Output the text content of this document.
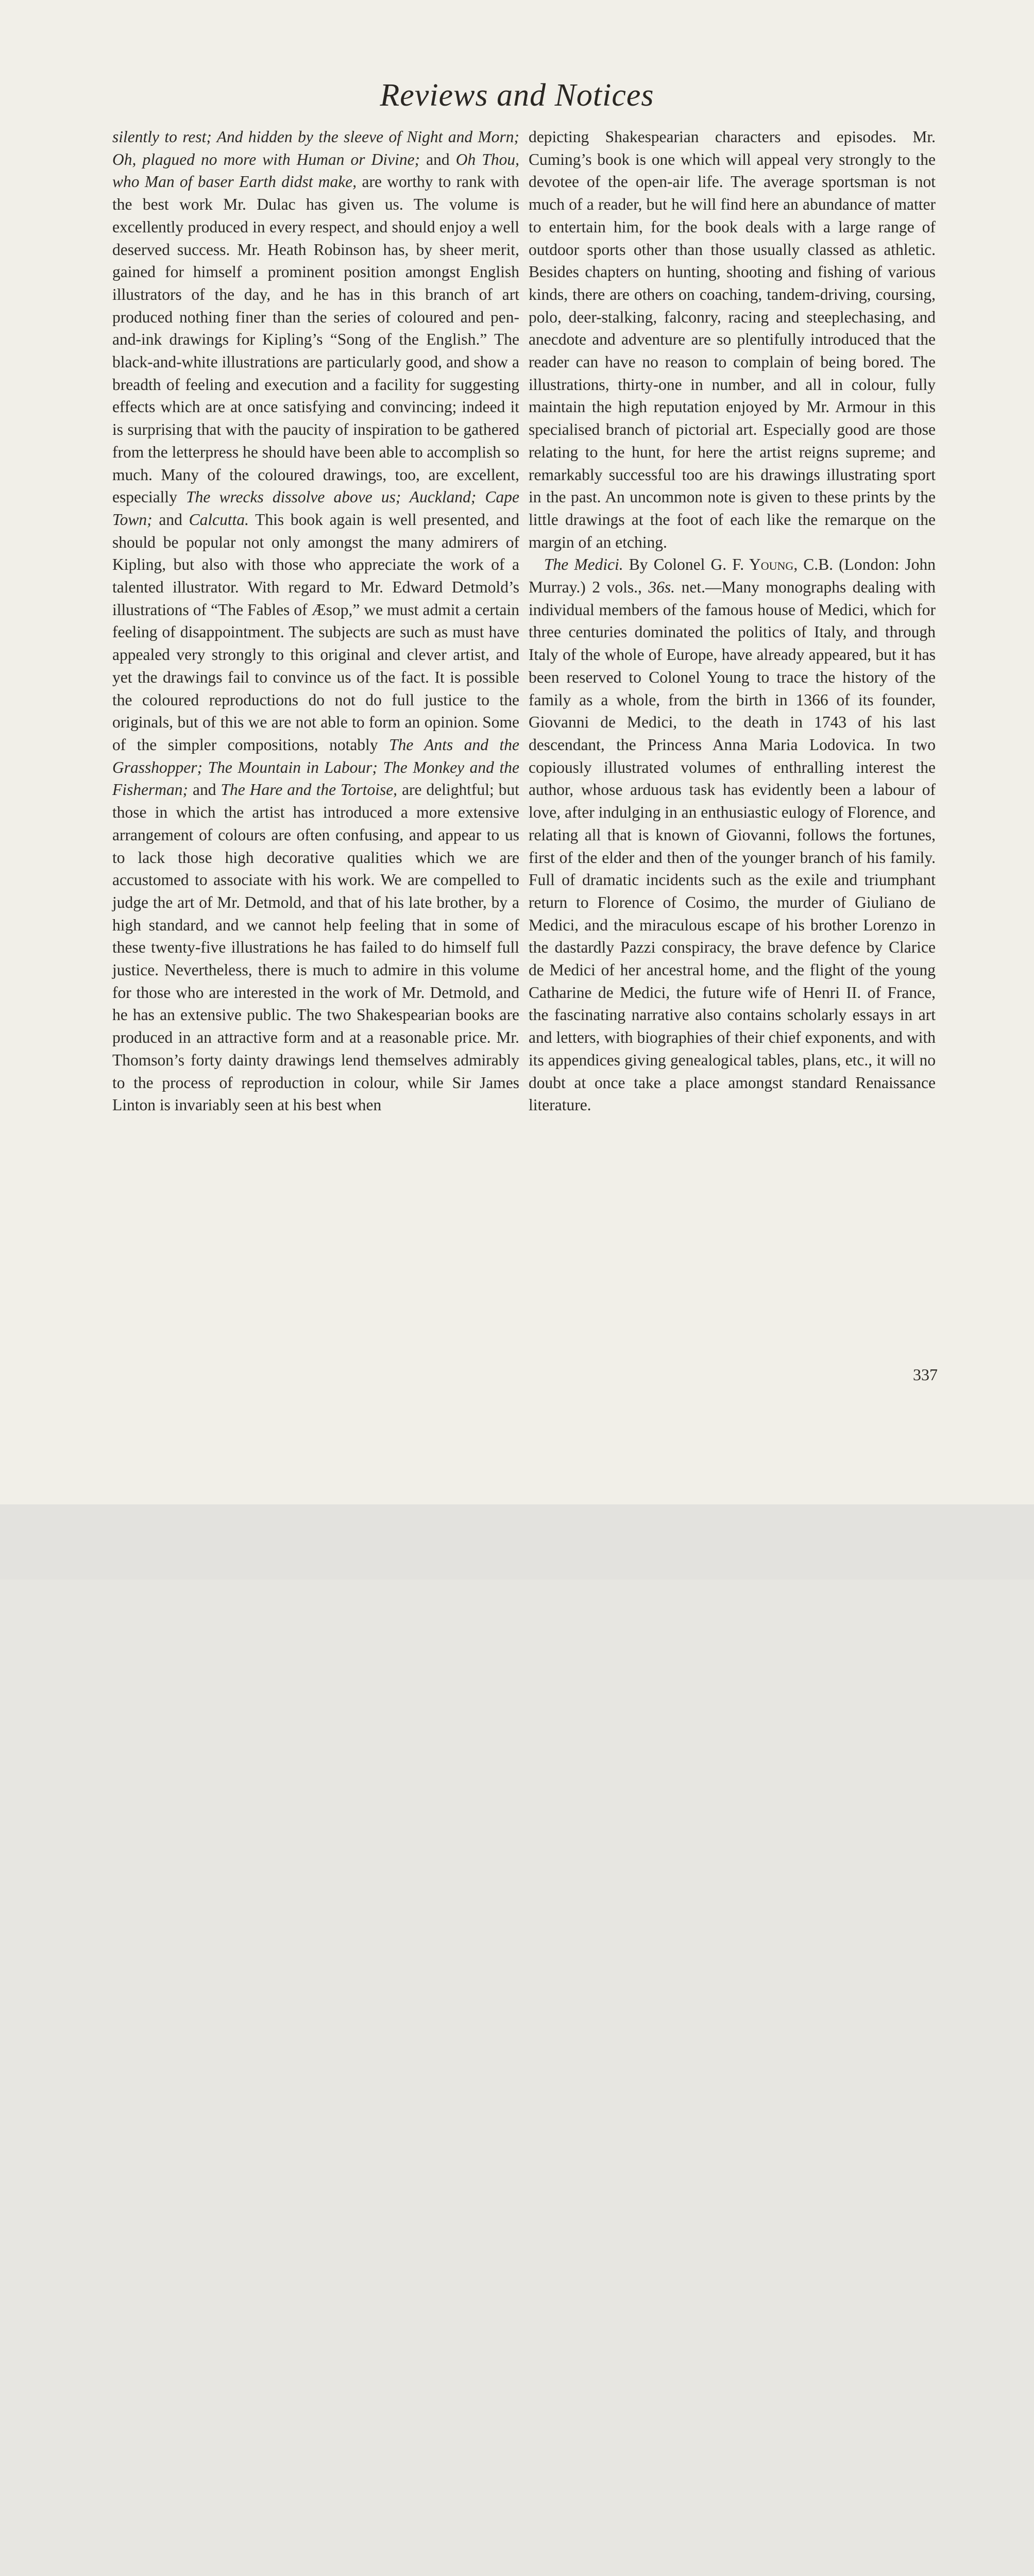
Reviews and Notices

silently to rest; And hidden by the sleeve of Night and Morn; Oh, plagued no more with Human or Divine; and Oh Thou, who Man of baser Earth didst make, are worthy to rank with the best work Mr. Dulac has given us. The volume is excellently produced in every respect, and should enjoy a well deserved success. Mr. Heath Robinson has, by sheer merit, gained for himself a prominent position amongst English illustrators of the day, and he has in this branch of art produced nothing finer than the series of coloured and pen-and-ink drawings for Kipling’s “Song of the English.” The black-and-white illustrations are particularly good, and show a breadth of feeling and execution and a facility for suggesting effects which are at once satisfying and convincing; indeed it is surprising that with the paucity of inspiration to be gathered from the letterpress he should have been able to accomplish so much. Many of the coloured drawings, too, are excellent, especially The wrecks dissolve above us; Auckland; Cape Town; and Calcutta. This book again is well presented, and should be popular not only amongst the many admirers of Kipling, but also with those who appreciate the work of a talented illustrator. With regard to Mr. Edward Detmold’s illustrations of “The Fables of Æsop,” we must admit a certain feeling of disappointment. The subjects are such as must have appealed very strongly to this original and clever artist, and yet the drawings fail to convince us of the fact. It is possible the coloured reproductions do not do full justice to the originals, but of this we are not able to form an opinion. Some of the simpler compositions, notably The Ants and the Grasshopper; The Mountain in Labour; The Monkey and the Fisherman; and The Hare and the Tortoise, are delightful; but those in which the artist has introduced a more extensive arrangement of colours are often confusing, and appear to us to lack those high decorative qualities which we are accustomed to associate with his work. We are compelled to judge the art of Mr. Detmold, and that of his late brother, by a high standard, and we cannot help feeling that in some of these twenty-five illustrations he has failed to do himself full justice. Nevertheless, there is much to admire in this volume for those who are interested in the work of Mr. Detmold, and he has an extensive public. The two Shakespearian books are produced in an attractive form and at a reasonable price. Mr. Thomson’s forty dainty drawings lend themselves admirably to the process of reproduction in colour, while Sir James Linton is invariably seen at his best when

depicting Shakespearian characters and episodes. Mr. Cuming’s book is one which will appeal very strongly to the devotee of the open-air life. The average sportsman is not much of a reader, but he will find here an abundance of matter to entertain him, for the book deals with a large range of outdoor sports other than those usually classed as athletic. Besides chapters on hunting, shooting and fishing of various kinds, there are others on coaching, tandem-driving, coursing, polo, deer-stalking, falconry, racing and steeplechasing, and anecdote and adventure are so plentifully introduced that the reader can have no reason to complain of being bored. The illustrations, thirty-one in number, and all in colour, fully maintain the high reputation enjoyed by Mr. Armour in this specialised branch of pictorial art. Especially good are those relating to the hunt, for here the artist reigns supreme; and remarkably successful too are his drawings illustrating sport in the past. An uncommon note is given to these prints by the little drawings at the foot of each like the remarque on the margin of an etching.

The Medici. By Colonel G. F. Young, C.B. (London: John Murray.) 2 vols., 36s. net.—Many monographs dealing with individual members of the famous house of Medici, which for three centuries dominated the politics of Italy, and through Italy of the whole of Europe, have already appeared, but it has been reserved to Colonel Young to trace the history of the family as a whole, from the birth in 1366 of its founder, Giovanni de Medici, to the death in 1743 of his last descendant, the Princess Anna Maria Lodovica. In two copiously illustrated volumes of enthralling interest the author, whose arduous task has evidently been a labour of love, after indulging in an enthusiastic eulogy of Florence, and relating all that is known of Giovanni, follows the fortunes, first of the elder and then of the younger branch of his family. Full of dramatic incidents such as the exile and triumphant return to Florence of Cosimo, the murder of Giuliano de Medici, and the miraculous escape of his brother Lorenzo in the dastardly Pazzi conspiracy, the brave defence by Clarice de Medici of her ancestral home, and the flight of the young Catharine de Medici, the future wife of Henri II. of France, the fascinating narrative also contains scholarly essays in art and letters, with biographies of their chief exponents, and with its appendices giving genealogical tables, plans, etc., it will no doubt at once take a place amongst standard Renaissance literature.

337
